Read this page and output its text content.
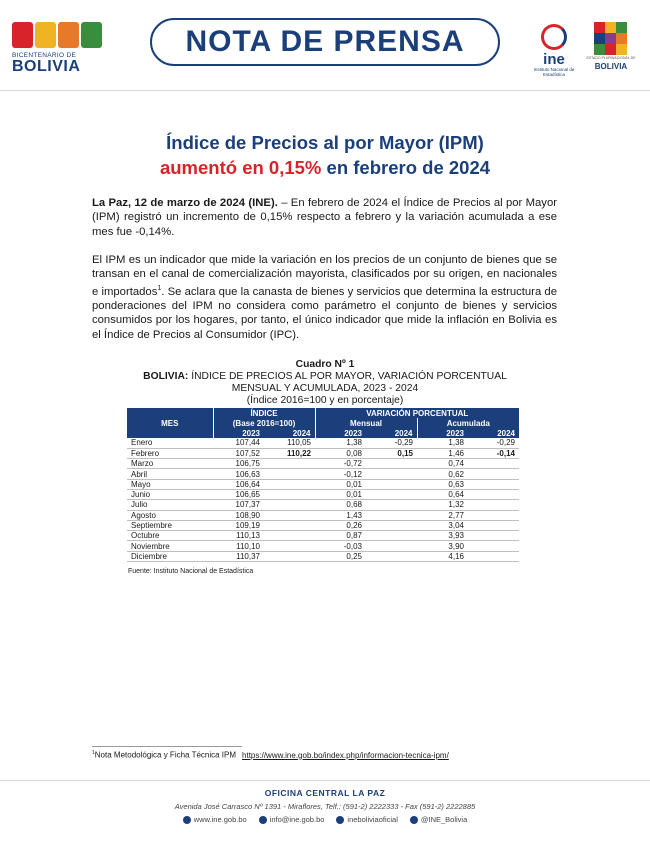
BICENTENARIO DE
BOLIVIA
NOTA DE PRENSA
ine
Instituto Nacional de Estadística
ESTADO PLURINACIONAL DE
BOLIVIA
Índice de Precios al por Mayor (IPM)
aumentó en 0,15% en febrero de 2024
La Paz, 12 de marzo de 2024 (INE). – En febrero de 2024 el Índice de Precios al por Mayor (IPM) registró un incremento de 0,15% respecto a febrero y la variación acumulada a ese mes fue -0,14%.
El IPM es un indicador que mide la variación en los precios de un conjunto de bienes que se transan en el canal de comercialización mayorista, clasificados por su origen, en nacionales e importados$^1$. Se aclara que la canasta de bienes y servicios que determina la estructura de ponderaciones del IPM no considera como parámetro el conjunto de bienes y servicios consumidos por los hogares, por tanto, el único indicador que mide la inflación en Bolivia es el Índice de Precios al Consumidor (IPC).
Cuadro Nº 1
BOLIVIA: ÍNDICE DE PRECIOS AL POR MAYOR, VARIACIÓN PORCENTUAL
MENSUAL Y ACUMULADA, 2023 - 2024
(Índice 2016=100 y en porcentaje)
MES	ÍNDICE		VARIACIÓN PORCENTUAL			
	(Base 2016=100)		Mensual		Acumulada	
	2023	2024	2023	2024	2023	2024
Enero	107,44	110,05	1,38	-0,29	1,38	-0,29
Febrero	107,52	110,22	0,08	0,15	1,46	-0,14
Marzo	106,75		-0,72		0,74	
Abril	106,63		-0,12		0,62	
Mayo	106,64		0,01		0,63	
Junio	106,65		0,01		0,64	
Julio	107,37		0,68		1,32	
Agosto	108,90		1,43		2,77	
Septiembre	109,19		0,26		3,04	
Octubre	110,13		0,87		3,93	
Noviembre	110,10		-0,03		3,90	
Diciembre	110,37		0,25		4,16	
Fuente: Instituto Nacional de Estadística
$^1$Nota Metodológica y Ficha Técnica IPM https://www.ine.gob.bo/index.php/informacion-tecnica-ipm/
OFICINA CENTRAL LA PAZ
Avenida José Carrasco Nº 1391 - Miraflores, Telf.: (591-2) 2222333 - Fax (591-2) 2222885
www.ine.gob.bo	info@ine.gob.bo	ineboliviaoficial	@INE_Bolivia
